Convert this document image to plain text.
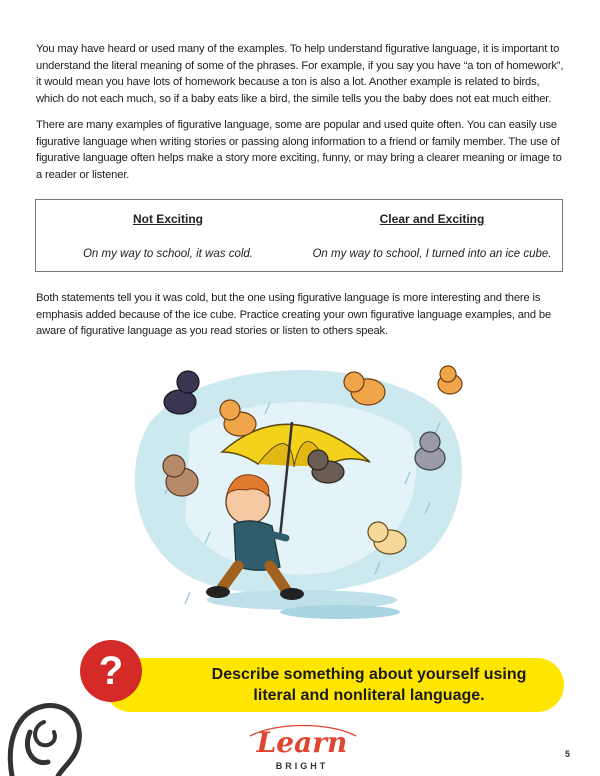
You may have heard or used many of the examples. To help understand figurative language, it is important to understand the literal meaning of some of the phrases. For example, if you say you have “a ton of homework”, it would mean you have lots of homework because a ton is also a lot. Another example is related to birds, which do not each much, so if a baby eats like a bird, the simile tells you the baby does not eat much either.

There are many examples of figurative language, some are popular and used quite often. You can easily use figurative language when writing stories or passing along information to a friend or family member. The use of figurative language often helps make a story more exciting, funny, or may bring a clearer meaning or image to a reader or listener.

Not Exciting
On my way to school, it was cold.
Clear and Exciting
On my way to school, I turned into an ice cube.

Both statements tell you it was cold, but the one using figurative language is more interesting and there is emphasis added because of the ice cube. Practice creating your own figurative language examples, and be aware of figurative language as you read stories or listen to others speak.

Describe something about yourself using
literal and nonliteral language.
?
Learn
BRIGHT
5
